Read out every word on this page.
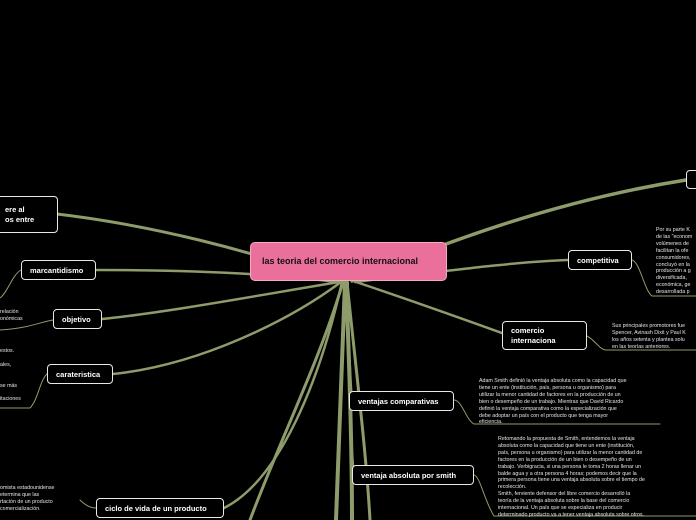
ere al
os entre
marcantidismo
relación
onómicas	objetivo
estos.

ales,

se más

itaciones
carateristica
omista estadounidense
etermina que las
rtación de un producto
comercialización.	ciclo de vida de un producto
las teoria del comercio internacional	competitiva
Por su parte K
de las "econom
volúmenes de
facilitan la ofe
consumidores,
concluyó en la
producción a g
diversificada,
económica, ge
desarrollada p
comercio
internaciona
Sus principales promotores fue
Spencer, Avinash Dixit y Paul K
los años setenta y plantea solu
en las teorías anteriores.
ventajas comparativas
Adam Smith definió la ventaja absoluta como la capacidad que
tiene un ente (institución, país, persona u organismo) para
utilizar la menor cantidad de factores en la producción de un
bien o desempeño de un trabajo. Mientras que David Ricardo
definió la ventaja comparativa como la especialización que
debe adoptar un país con el producto que tenga mayor
eficiencia.
ventaja absoluta por smith
Retomando la propuesta de Smith, entendemos la ventaja
absoluta como la capacidad que tiene un ente (institución,
país, persona u organismo) para utilizar la menor cantidad de
factores en la producción de un bien o desempeño de un
trabajo. Verbigracia, si una persona le toma 2 horas llenar un
balde agua y a otra persona 4 horas; podemos decir que la
primera persona tiene una ventaja absoluta sobre el tiempo de
recolección.
Smith, ferviente defensor del libre comercio desarrolló la
teoría de la ventaja absoluta sobre la base del comercio
internacional. Un país que se especializa en producir
determinado producto va a tener ventaja absoluta sobre otros.
